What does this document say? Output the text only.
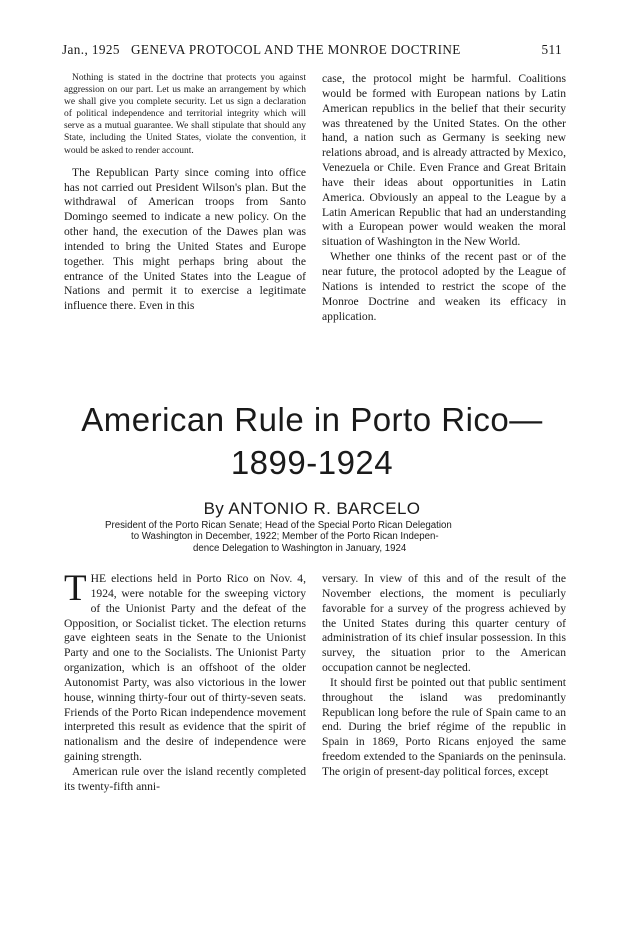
Jan., 1925 GENEVA PROTOCOL AND THE MONROE DOCTRINE	511

Nothing is stated in the doctrine that protects you against aggression on our part. Let us make an arrangement by which we shall give you complete security. Let us sign a declaration of political independence and territorial integrity which will serve as a mutual guarantee. We shall stipulate that should any State, including the United States, violate the convention, it would be asked to render account.

The Republican Party since coming into office has not carried out President Wilson's plan. But the withdrawal of American troops from Santo Domingo seemed to indicate a new policy. On the other hand, the execution of the Dawes plan was intended to bring the United States and Europe together. This might perhaps bring about the entrance of the United States into the League of Nations and permit it to exercise a legitimate influence there. Even in this

case, the protocol might be harmful. Coalitions would be formed with European nations by Latin American republics in the belief that their security was threatened by the United States. On the other hand, a nation such as Germany is seeking new relations abroad, and is already attracted by Mexico, Venezuela or Chile. Even France and Great Britain have their ideas about opportunities in Latin America. Obviously an appeal to the League by a Latin American Republic that had an understanding with a European power would weaken the moral situation of Washington in the New World.

Whether one thinks of the recent past or of the near future, the protocol adopted by the League of Nations is intended to restrict the scope of the Monroe Doctrine and weaken its efficacy in application.

American Rule in Porto Rico—
1899-1924
By ANTONIO R. BARCELO
President of the Porto Rican Senate; Head of the Special Porto Rican Delegation
to Washington in December, 1922; Member of the Porto Rican Indepen-
dence Delegation to Washington in January, 1924

THE elections held in Porto Rico on Nov. 4, 1924, were notable for the sweeping victory of the Unionist Party and the defeat of the Opposition, or Socialist ticket. The election returns gave eighteen seats in the Senate to the Unionist Party and one to the Socialists. The Unionist Party organization, which is an offshoot of the older Autonomist Party, was also victorious in the lower house, winning thirty-four out of thirty-seven seats. Friends of the Porto Rican independence movement interpreted this result as evidence that the spirit of nationalism and the desire of independence were gaining strength.

American rule over the island recently completed its twenty-fifth anni-

versary. In view of this and of the result of the November elections, the moment is peculiarly favorable for a survey of the progress achieved by the United States during this quarter century of administration of its chief insular possession. In this survey, the situation prior to the American occupation cannot be neglected.

It should first be pointed out that public sentiment throughout the island was predominantly Republican long before the rule of Spain came to an end. During the brief régime of the republic in Spain in 1869, Porto Ricans enjoyed the same freedom extended to the Spaniards on the peninsula. The origin of present-day political forces, except
